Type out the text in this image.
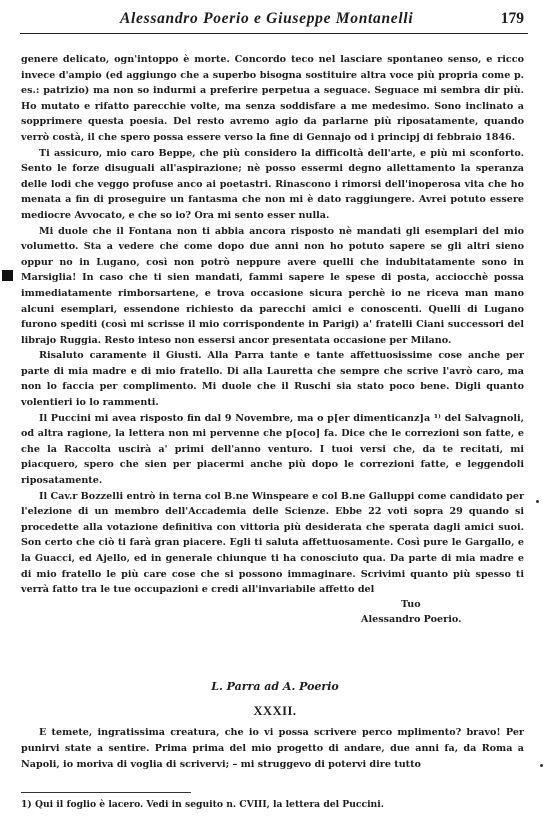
Alessandro Poerio e Giuseppe Montanelli	179

genere delicato, ogn'intoppo è morte. Concordo teco nel lasciare spontaneo senso, e ricco invece d'ampio (ed aggiungo che a superbo bisogna sostituire altra voce più propria come p. es.: patrizio) ma non so indurmi a preferire perpetua a seguace. Seguace mi sembra dir più. Ho mutato e rifatto parecchie volte, ma senza soddisfare a me medesimo. Sono inclinato a sopprimere questa poesia. Del resto avremo agio da parlarne più riposatamente, quando verrò costà, il che spero possa essere verso la fine di Gennajo od i principj di febbraio 1846.

Ti assicuro, mio caro Beppe, che più considero la difficoltà dell'arte, e più mi sconforto. Sento le forze disuguali all'aspirazione; nè posso essermi degno allettamento la speranza delle lodi che veggo profuse anco ai poetastri. Rinascono i rimorsi dell'inoperosa vita che ho menata a fin di proseguire un fantasma che non mi è dato raggiungere. Avrei potuto essere mediocre Avvocato, e che so io? Ora mi sento esser nulla.

Mi duole che il Fontana non ti abbia ancora risposto nè mandati gli esemplari del mio volumetto. Sta a vedere che come dopo due anni non ho potuto sapere se gli altri sieno oppur no in Lugano, così non potrò neppure avere quelli che indubitatamente sono in Marsiglia! In caso che ti sien mandati, fammi sapere le spese di posta, acciocchè possa immediatamente rimborsartene, e trova occasione sicura perchè io ne riceva man mano alcuni esemplari, essendone richiesto da parecchi amici e conoscenti. Quelli di Lugano furono spediti (così mi scrisse il mio corrispondente in Parigi) a' fratelli Ciani successori del librajo Ruggia. Resto inteso non essersi ancor presentata occasione per Milano.

Risaluto caramente il Giusti. Alla Parra tante e tante affettuosissime cose anche per parte di mia madre e di mio fratello. Di alla Lauretta che sempre che scrive l'avrò caro, ma non lo faccia per complimento. Mi duole che il Ruschi sia stato poco bene. Digli quanto volentieri io lo rammenti.

Il Puccini mi avea risposto fin dal 9 Novembre, ma o p[er dimenticanz]a ¹⁾ del Salvagnoli, od altra ragione, la lettera non mi pervenne che p[oco] fa. Dice che le correzioni son fatte, e che la Raccolta uscirà a' primi dell'anno venturo. I tuoi versi che, da te recitati, mi piacquero, spero che sien per piacermi anche più dopo le correzioni fatte, e leggendoli riposatamente.

Il Cav.r Bozzelli entrò in terna col B.ne Winspeare e col B.ne Galluppi come candidato per l'elezione di un membro dell'Accademia delle Scienze. Ebbe 22 voti sopra 29 quando si procedette alla votazione definitiva con vittoria più desiderata che sperata dagli amici suoi. Son certo che ciò ti farà gran piacere. Egli ti saluta affettuosamente. Così pure le Gargallo, e la Guacci, ed Ajello, ed in generale chiunque ti ha conosciuto qua. Da parte di mia madre e di mio fratello le più care cose che si possono immaginare. Scrivimi quanto più spesso ti verrà fatto tra le tue occupazioni e credi all'invariabile affetto del

Tuo
Alessandro Poerio.
L. Parra ad A. Poerio
XXXII.

E temete, ingratissima creatura, che io vi possa scrivere perco mplimento? bravo! Per punirvi state a sentire. Prima prima del mio progetto di andare, due anni fa, da Roma a Napoli, io moriva di voglia di scrivervi; – mi struggevo di potervi dire tutto

1) Qui il foglio è lacero. Vedi in seguito n. CVIII, la lettera del Puccini.
